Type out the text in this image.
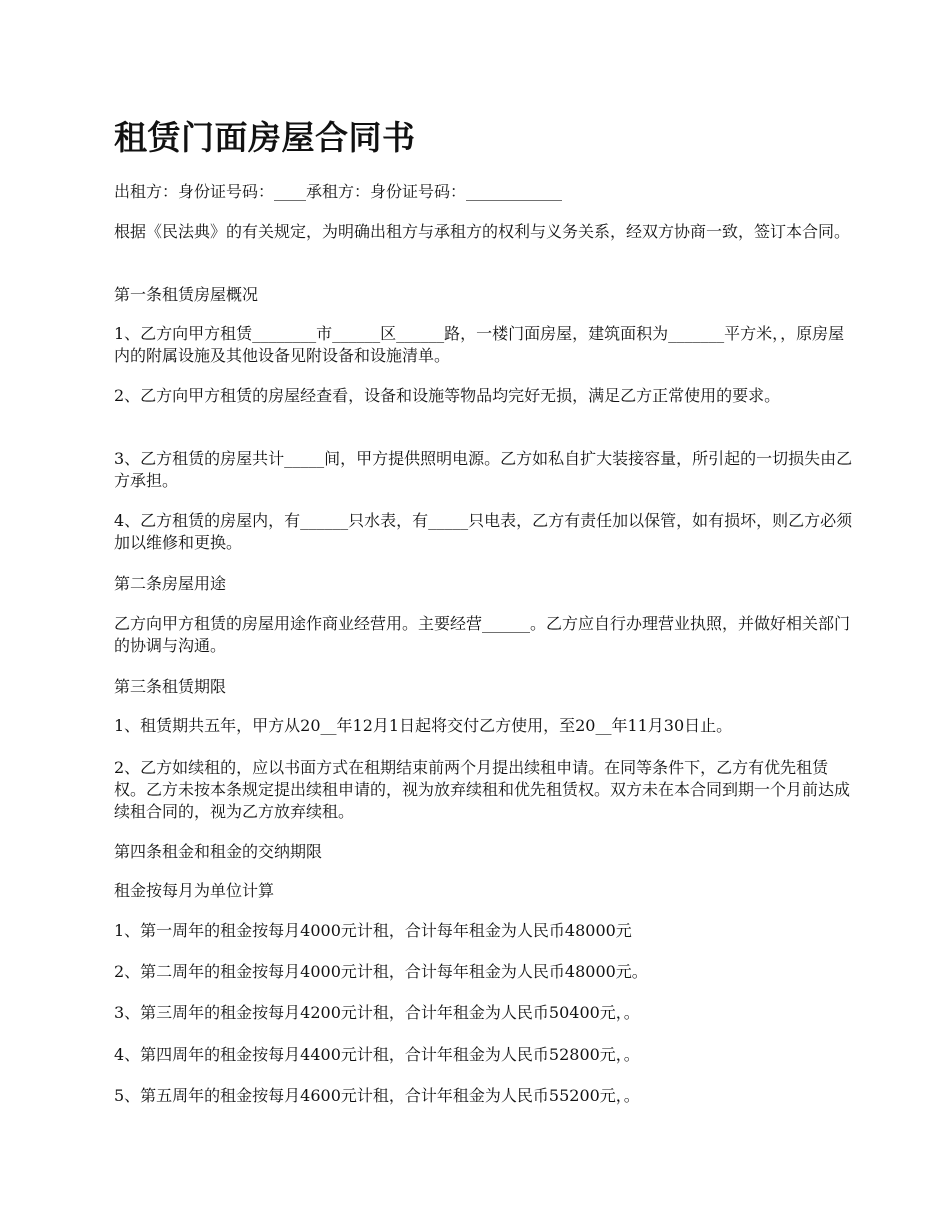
租赁门面房屋合同书

出租方：身份证号码：____承租方：身份证号码：____________

根据《民法典》的有关规定，为明确出租方与承租方的权利与义务关系，经双方协商一致，签订本合同。

第一条租赁房屋概况

1、乙方向甲方租赁________市______区______路，一楼门面房屋，建筑面积为_______平方米，，原房屋内的附属设施及其他设备见附设备和设施清单。

2、乙方向甲方租赁的房屋经查看，设备和设施等物品均完好无损，满足乙方正常使用的要求。

3、乙方租赁的房屋共计_____间，甲方提供照明电源。乙方如私自扩大装接容量，所引起的一切损失由乙方承担。

4、乙方租赁的房屋内，有______只水表，有_____只电表，乙方有责任加以保管，如有损坏，则乙方必须加以维修和更换。

第二条房屋用途

乙方向甲方租赁的房屋用途作商业经营用。主要经营______。乙方应自行办理营业执照，并做好相关部门的协调与沟通。

第三条租赁期限

1、租赁期共五年，甲方从20__年12月1日起将交付乙方使用，至20__年11月30日止。

2、乙方如续租的，应以书面方式在租期结束前两个月提出续租申请。在同等条件下，乙方有优先租赁权。乙方未按本条规定提出续租申请的，视为放弃续租和优先租赁权。双方未在本合同到期一个月前达成续租合同的，视为乙方放弃续租。

第四条租金和租金的交纳期限

租金按每月为单位计算

1、第一周年的租金按每月4000元计租，合计每年租金为人民币48000元

2、第二周年的租金按每月4000元计租，合计每年租金为人民币48000元。

3、第三周年的租金按每月4200元计租，合计年租金为人民币50400元，。

4、第四周年的租金按每月4400元计租，合计年租金为人民币52800元，。

5、第五周年的租金按每月4600元计租，合计年租金为人民币55200元，。
